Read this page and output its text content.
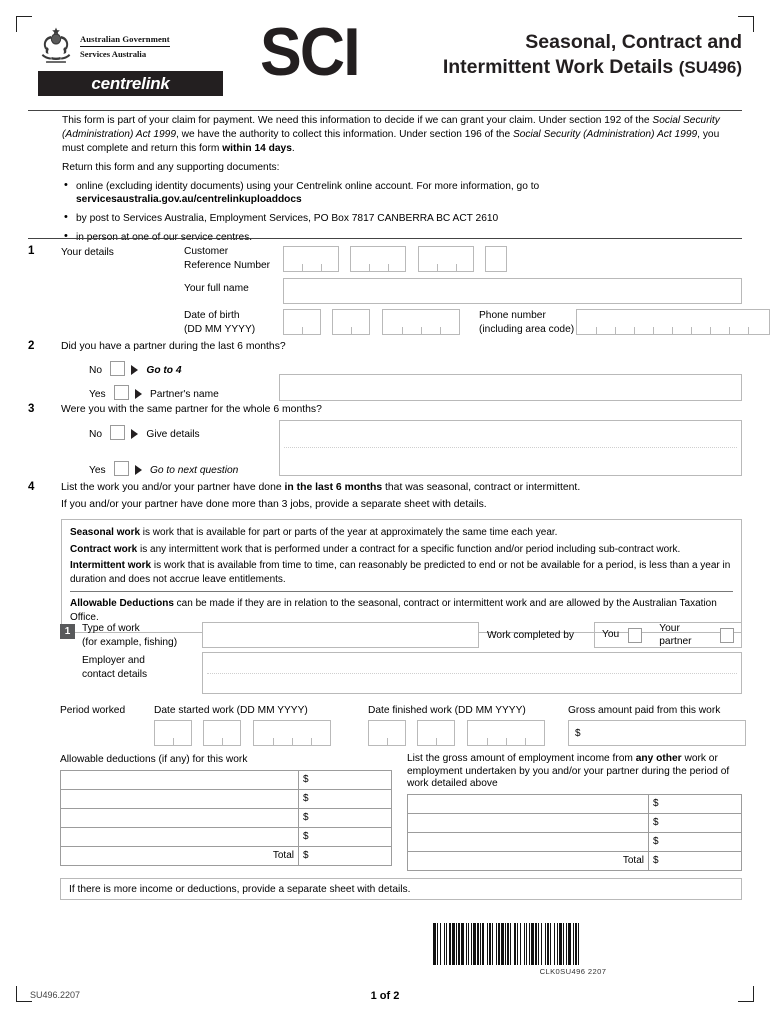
Australian Government
Services Australia
centrelink SCI	Seasonal, Contract and
Intermittent Work Details (SU496)

This form is part of your claim for payment. We need this information to decide if we can grant your claim. Under section 192 of the Social Security (Administration) Act 1999, we have the authority to collect this information. Under section 196 of the Social Security (Administration) Act 1999, you must complete and return this form within 14 days.

Return this form and any supporting documents:

• online (excluding identity documents) using your Centrelink online account. For more information, go to servicesaustralia.gov.au/centrelinkuploaddocs
• by post to Services Australia, Employment Services, PO Box 7817 CANBERRA BC ACT 2610
• in person at one of our service centres.
1	Your details	Customer
Reference Number

Your full name
Date of birth
(DD MM YYYY)

Phone number
(including area code)
2	Did you have a partner during the last 6 months?
No	Go to 4
Yes	Partner's name
3	Were you with the same partner for the whole 6 months?
No	Give details
Yes	Go to next question
4	List the work you and/or your partner have done in the last 6 months that was seasonal, contract or intermittent.
If you and/or your partner have done more than 3 jobs, provide a separate sheet with details.

Seasonal work is work that is available for part or parts of the year at approximately the same time each year.

Contract work is any intermittent work that is performed under a contract for a specific function and/or period including sub-contract work.

Intermittent work is work that is available from time to time, can reasonably be predicted to end or not be available for a period, is less than a year in duration and does not accrue leave entitlements.

Allowable Deductions can be made if they are in relation to the seasonal, contract or intermittent work and are allowed by the Australian Taxation Office.

1	Type of work
(for example, fishing)
Work completed by	You
Your partner
Employer and
contact details
Period worked	Date started work (DD MM YYYY)	Date finished work (DD MM YYYY)	Gross amount paid from this work

$
Allowable deductions (if any) for this work
	$
	$
	$
	$
Total	$
List the gross amount of employment income from any other work or employment undertaken by you and/or your partner during the period of work detailed above
	$
	$
	$
Total	$
If there is more income or deductions, provide a separate sheet with details.
CLK0SU496 2207
SU496.2207	1 of 2
